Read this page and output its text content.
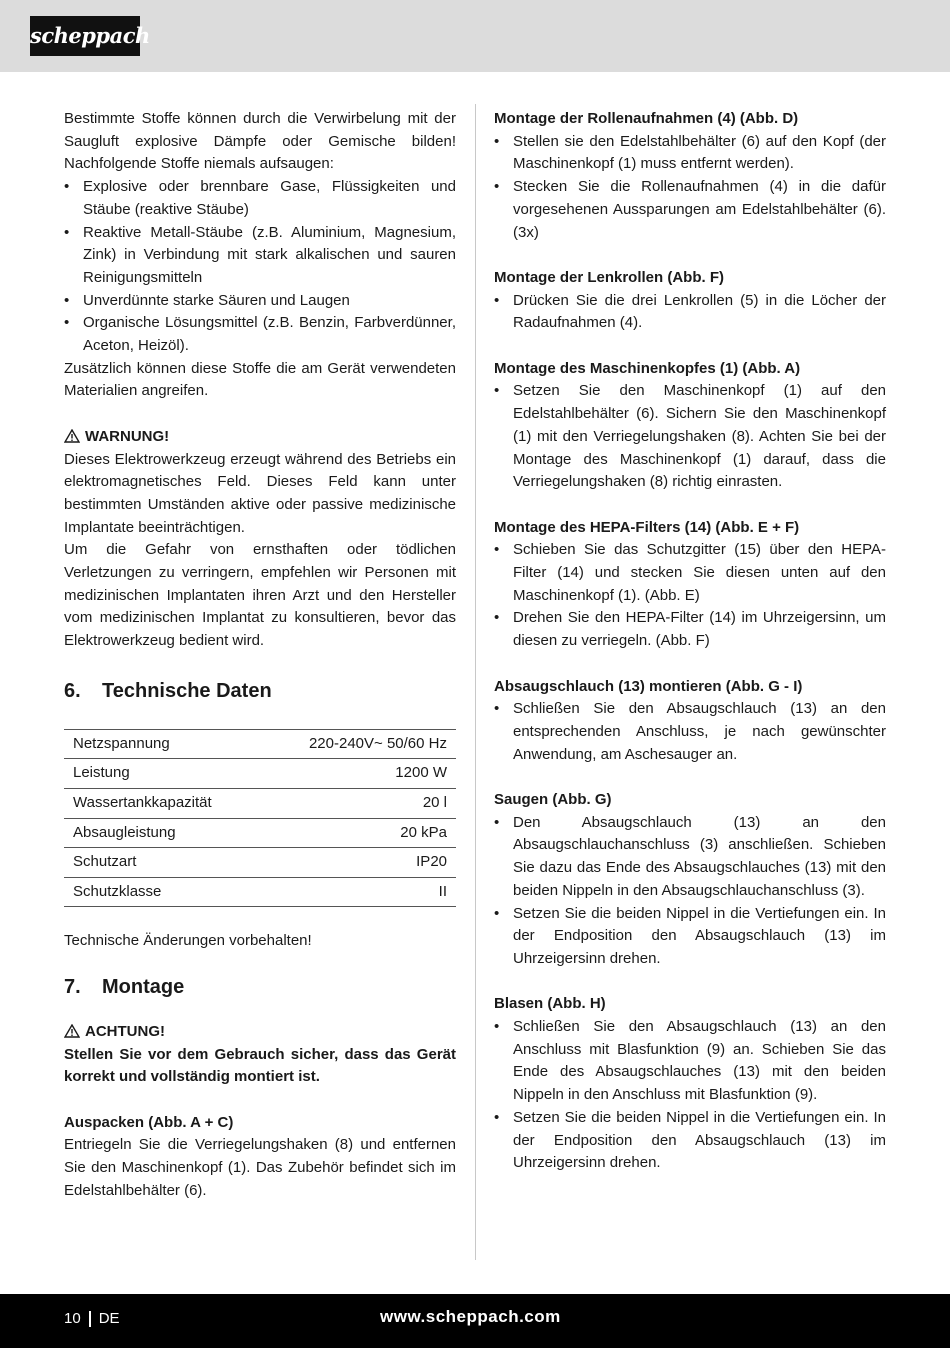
scheppach

Bestimmte Stoffe können durch die Verwirbelung mit der Saugluft explosive Dämpfe oder Gemische bilden! Nachfolgende Stoffe niemals aufsaugen:

• Explosive oder brennbare Gase, Flüssigkeiten und Stäube (reaktive Stäube)
• Reaktive Metall-Stäube (z.B. Aluminium, Magnesium, Zink) in Verbindung mit stark alkalischen und sauren Reinigungsmitteln
• Unverdünnte starke Säuren und Laugen
• Organische Lösungsmittel (z.B. Benzin, Farbverdünner, Aceton, Heizöl).

Zusätzlich können diese Stoffe die am Gerät verwendeten Materialien angreifen.

WARNUNG!

Dieses Elektrowerkzeug erzeugt während des Betriebs ein elektromagnetisches Feld. Dieses Feld kann unter bestimmten Umständen aktive oder passive medizinische Implantate beeinträchtigen.

Um die Gefahr von ernsthaften oder tödlichen Verletzungen zu verringern, empfehlen wir Personen mit medizinischen Implantaten ihren Arzt und den Hersteller vom medizinischen Implantat zu konsultieren, bevor das Elektrowerkzeug bedient wird.

6.	Technische Daten
Netzspannung	220-240V~ 50/60 Hz
Leistung	1200 W
Wassertankkapazität	20 l
Absaugleistung	20 kPa
Schutzart	IP20
Schutzklasse	II

Technische Änderungen vorbehalten!

7.	Montage
ACHTUNG!

Stellen Sie vor dem Gebrauch sicher, dass das Gerät korrekt und vollständig montiert ist.

Auspacken (Abb. A + C)

Entriegeln Sie die Verriegelungshaken (8) und entfernen Sie den Maschinenkopf (1). Das Zubehör befindet sich im Edelstahlbehälter (6).

Montage der Rollenaufnahmen (4) (Abb. D)

• Stellen sie den Edelstahlbehälter (6) auf den Kopf (der Maschinenkopf (1) muss entfernt werden).
• Stecken Sie die Rollenaufnahmen (4) in die dafür vorgesehenen Aussparungen am Edelstahlbehälter (6). (3x)

Montage der Lenkrollen (Abb. F)

• Drücken Sie die drei Lenkrollen (5) in die Löcher der Radaufnahmen (4).

Montage des Maschinenkopfes (1) (Abb. A)

• Setzen Sie den Maschinenkopf (1) auf den Edelstahlbehälter (6). Sichern Sie den Maschinenkopf (1) mit den Verriegelungshaken (8). Achten Sie bei der Montage des Maschinenkopf (1) darauf, dass die Verriegelungshaken (8) richtig einrasten.

Montage des HEPA-Filters (14) (Abb. E + F)

• Schieben Sie das Schutzgitter (15) über den HEPA-Filter (14) und stecken Sie diesen unten auf den Maschinenkopf (1). (Abb. E)
• Drehen Sie den HEPA-Filter (14) im Uhrzeigersinn, um diesen zu verriegeln. (Abb. F)

Absaugschlauch (13) montieren (Abb. G - I)

• Schließen Sie den Absaugschlauch (13) an den entsprechenden Anschluss, je nach gewünschter Anwendung, am Aschesauger an.

Saugen (Abb. G)

• Den Absaugschlauch (13) an den Absaugschlauchanschluss (3) anschließen. Schieben Sie dazu das Ende des Absaugschlauches (13) mit den beiden Nippeln in den Absaugschlauchanschluss (3).
• Setzen Sie die beiden Nippel in die Vertiefungen ein. In der Endposition den Absaugschlauch (13) im Uhrzeigersinn drehen.

Blasen (Abb. H)

• Schließen Sie den Absaugschlauch (13) an den Anschluss mit Blasfunktion (9) an. Schieben Sie das Ende des Absaugschlauches (13) mit den beiden Nippeln in den Anschluss mit Blasfunktion (9).
• Setzen Sie die beiden Nippel in die Vertiefungen ein. In der Endposition den Absaugschlauch (13) im Uhrzeigersinn drehen.
10 DE	www.scheppach.com
